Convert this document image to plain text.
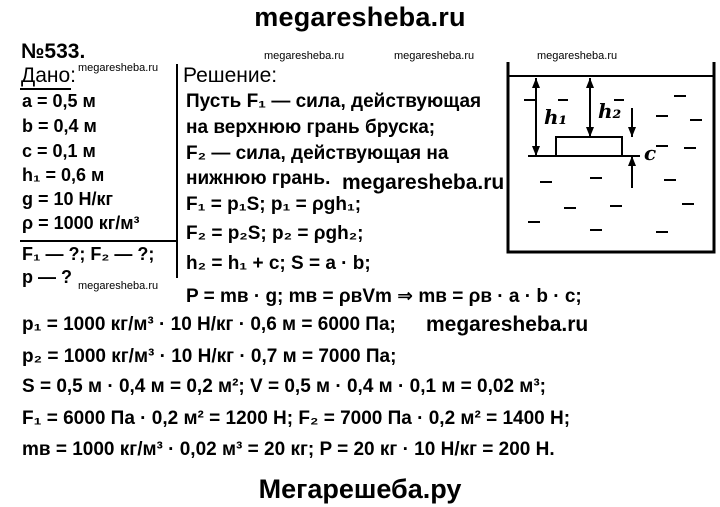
megaresheba.ru
megaresheba.ru	megaresheba.ru	megaresheba.ru
megaresheba.ru
megaresheba.ru
megaresheba.ru
megaresheba.ru
№533.
Дано:	Решение:
a = 0,5 м
b = 0,4 м
c = 0,1 м
h₁ = 0,6 м
g = 10 Н/кг
ρ = 1000 кг/м³
F₁ — ?; F₂ — ?;
p — ?
Пусть F₁ — сила, действующая
на верхнюю грань бруска;
F₂ — сила, действующая на
нижнюю грань.
F₁ = p₁S; p₁ = ρgh₁;
F₂ = p₂S; p₂ = ρgh₂;
h₂ = h₁ + c; S = a · b;
P = mв · g; mв = ρвVm ⇒ mв = ρв · a · b · c;
p₁ = 1000 кг/м³ · 10 Н/кг · 0,6 м = 6000 Па;
p₂ = 1000 кг/м³ · 10 Н/кг · 0,7 м = 7000 Па;
S = 0,5 м · 0,4 м = 0,2 м²; V = 0,5 м · 0,4 м · 0,1 м = 0,02 м³;
F₁ = 6000 Па · 0,2 м² = 1200 Н; F₂ = 7000 Па · 0,2 м² = 1400 Н;
mв = 1000 кг/м³ · 0,02 м³ = 20 кг; P = 20 кг · 10 Н/кг = 200 Н.
h₁ h₂
c
Мегарешеба.ру
